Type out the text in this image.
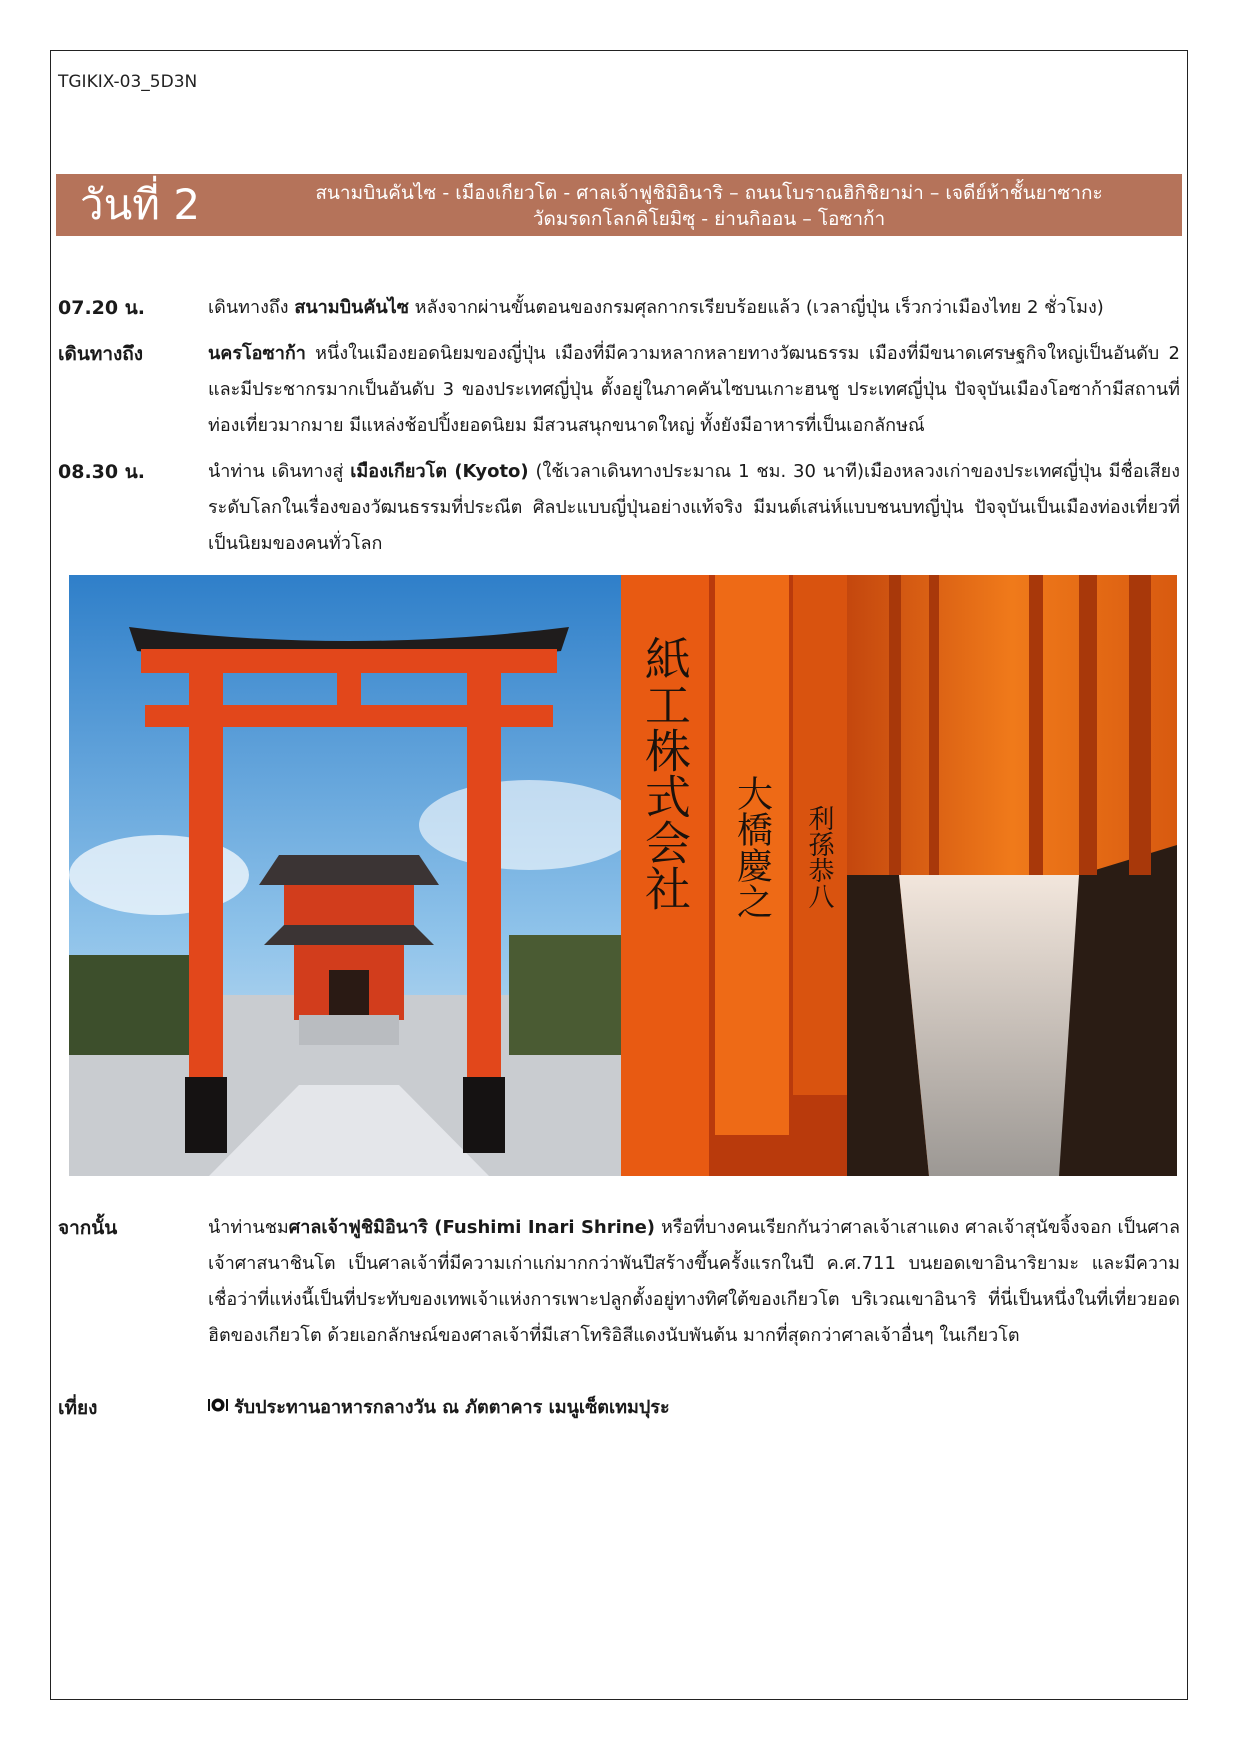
TGIKIX-03_5D3N
วันที่ 2	สนามบินคันไซ - เมืองเกียวโต - ศาลเจ้าฟูชิมิอินาริ – ถนนโบราณฮิกิชิยาม่า – เจดีย์ห้าชั้นยาซากะ
วัดมรดกโลกคิโยมิซุ - ย่านกิออน – โอซาก้า
07.20 น.	เดินทางถึง สนามบินคันไซ หลังจากผ่านขั้นตอนของกรมศุลกากรเรียบร้อยแล้ว (เวลาญี่ปุ่น เร็วกว่าเมืองไทย 2 ชั่วโมง)
เดินทางถึง	นครโอซาก้า หนึ่งในเมืองยอดนิยมของญี่ปุ่น เมืองที่มีความหลากหลายทางวัฒนธรรม เมืองที่มีขนาดเศรษฐกิจใหญ่เป็นอันดับ 2 และมีประชากรมากเป็นอันดับ 3 ของประเทศญี่ปุ่น ตั้งอยู่ในภาคคันไซบนเกาะฮนชู ประเทศญี่ปุ่น ปัจจุบันเมืองโอซาก้ามีสถานที่ท่องเที่ยวมากมาย มีแหล่งช้อปปิ้งยอดนิยม มีสวนสนุกขนาดใหญ่ ทั้งยังมีอาหารที่เป็นเอกลักษณ์
08.30 น.	นำท่าน เดินทางสู่ เมืองเกียวโต (Kyoto) (ใช้เวลาเดินทางประมาณ 1 ชม. 30 นาที)เมืองหลวงเก่าของประเทศญี่ปุ่น มีชื่อเสียงระดับโลกในเรื่องของวัฒนธรรมที่ประณีต ศิลปะแบบญี่ปุ่นอย่างแท้จริง มีมนต์เสน่ห์แบบชนบทญี่ปุ่น ปัจจุบันเป็นเมืองท่องเที่ยวที่เป็นนิยมของคนทั่วโลก
紙工株式会社 大橋慶之 利孫恭八
จากนั้น	นำท่านชมศาลเจ้าฟูชิมิอินาริ (Fushimi Inari Shrine) หรือที่บางคนเรียกกันว่าศาลเจ้าเสาแดง ศาลเจ้าสุนัขจิ้งจอก เป็นศาลเจ้าศาสนาชินโต เป็นศาลเจ้าที่มีความเก่าแก่มากกว่าพันปีสร้างขึ้นครั้งแรกในปี ค.ศ.711 บนยอดเขาอินาริยามะ และมีความเชื่อว่าที่แห่งนี้เป็นที่ประทับของเทพเจ้าแห่งการเพาะปลูกตั้งอยู่ทางทิศใต้ของเกียวโต บริเวณเขาอินาริ ที่นี่เป็นหนึ่งในที่เที่ยวยอดฮิตของเกียวโต ด้วยเอกลักษณ์ของศาลเจ้าที่มีเสาโทริอิสีแดงนับพันต้น มากที่สุดกว่าศาลเจ้าอื่นๆ ในเกียวโต
เที่ยง	รับประทานอาหารกลางวัน ณ ภัตตาคาร เมนูเซ็ตเทมปุระ
